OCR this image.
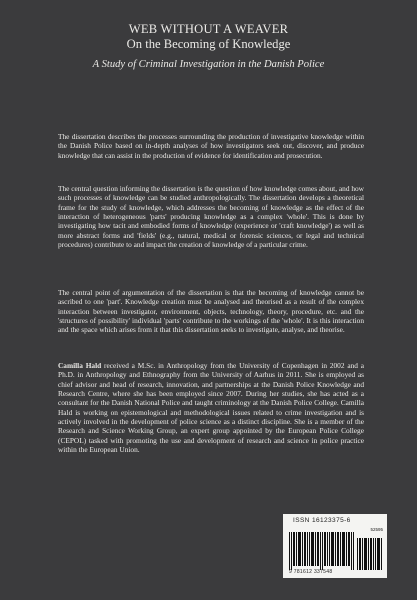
WEB WITHOUT A WEAVER

On the Becoming of Knowledge

A Study of Criminal Investigation in the Danish Police

The dissertation describes the processes surrounding the production of investigative knowledge within the Danish Police based on in-depth analyses of how investigators seek out, discover, and produce knowledge that can assist in the production of evidence for identification and prosecution.

The central question informing the dissertation is the question of how knowledge comes about, and how such processes of knowledge can be studied anthropologically. The dissertation develops a theoretical frame for the study of knowledge, which addresses the becoming of knowledge as the effect of the interaction of heterogeneous 'parts' producing knowledge as a complex 'whole'. This is done by investigating how tacit and embodied forms of knowledge (experience or 'craft knowledge') as well as more abstract forms and 'fields' (e.g., natural, medical or forensic sciences, or legal and technical procedures) contribute to and impact the creation of knowledge of a particular crime.

The central point of argumentation of the dissertation is that the becoming of knowledge cannot be ascribed to one 'part'. Knowledge creation must be analysed and theorised as a result of the complex interaction between investigator, environment, objects, technology, theory, procedure, etc. and the 'structures of possibility' individual 'parts' contribute to the workings of the 'whole'. It is this interaction and the space which arises from it that this dissertation seeks to investigate, analyse, and theorise.

Camilla Hald received a M.Sc. in Anthropology from the University of Copenhagen in 2002 and a Ph.D. in Anthropology and Ethnography from the University of Aarhus in 2011. She is employed as chief advisor and head of research, innovation, and partnerships at the Danish Police Knowledge and Research Centre, where she has been employed since 2007. During her studies, she has acted as a consultant for the Danish National Police and taught criminology at the Danish Police College. Camilla Hald is working on epistemological and methodological issues related to crime investigation and is actively involved in the development of police science as a distinct discipline. She is a member of the Research and Science Working Group, an expert group appointed by the European Police College (CEPOL) tasked with promoting the use and development of research and science in police practice within the European Union.

ISSN 16123375-6
52595
9 781612 337548
